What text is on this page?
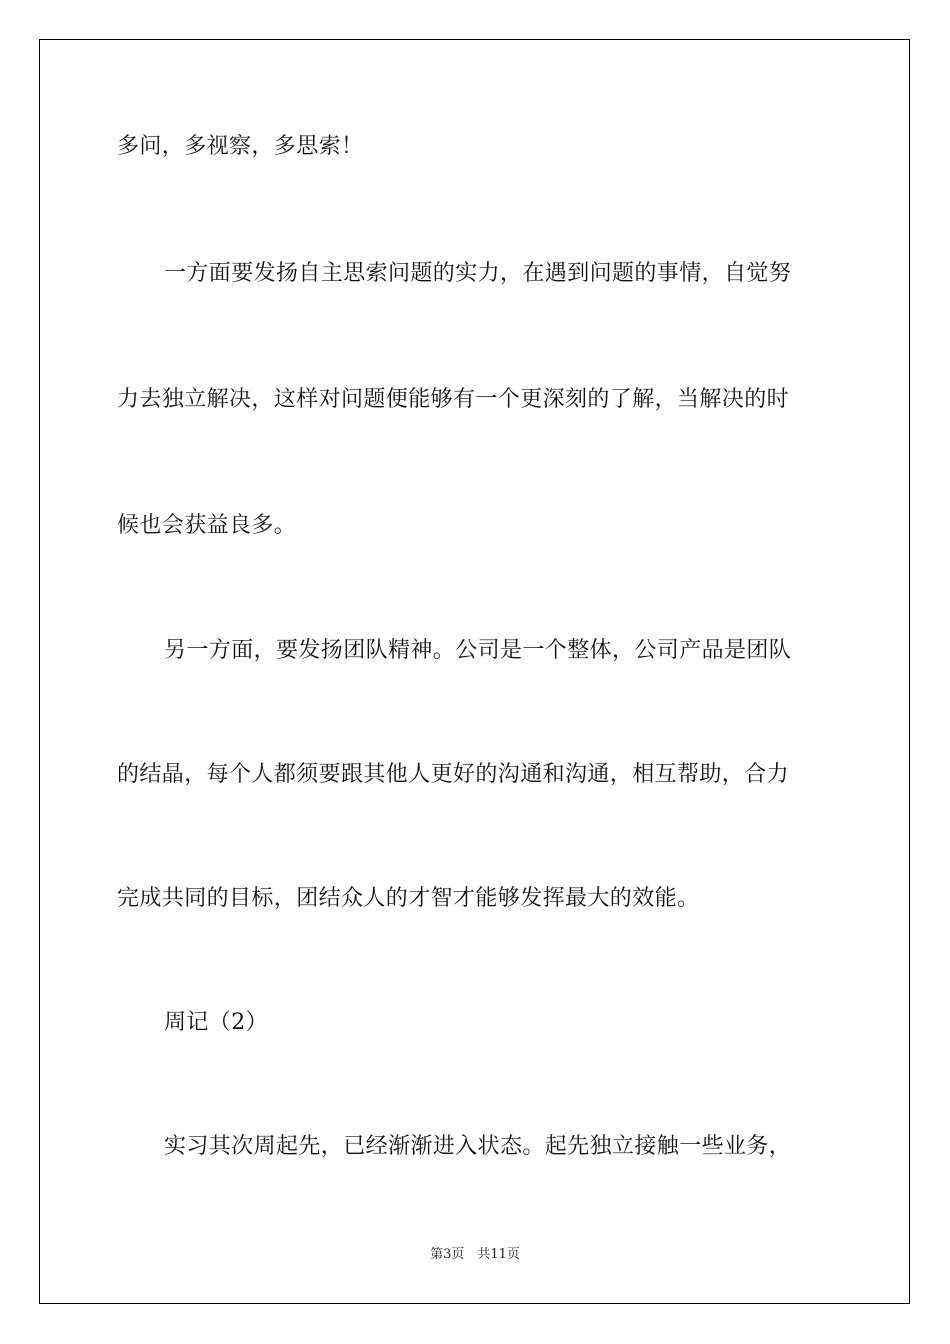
多问，多视察，多思索！

一方面要发扬自主思索问题的实力，在遇到问题的事情，自觉努

力去独立解决，这样对问题便能够有一个更深刻的了解，当解决的时

候也会获益良多。

另一方面，要发扬团队精神。公司是一个整体，公司产品是团队

的结晶，每个人都须要跟其他人更好的沟通和沟通，相互帮助，合力

完成共同的目标，团结众人的才智才能够发挥最大的效能。

周记（2）

实习其次周起先，已经渐渐进入状态。起先独立接触一些业务，

第3页　共11页
